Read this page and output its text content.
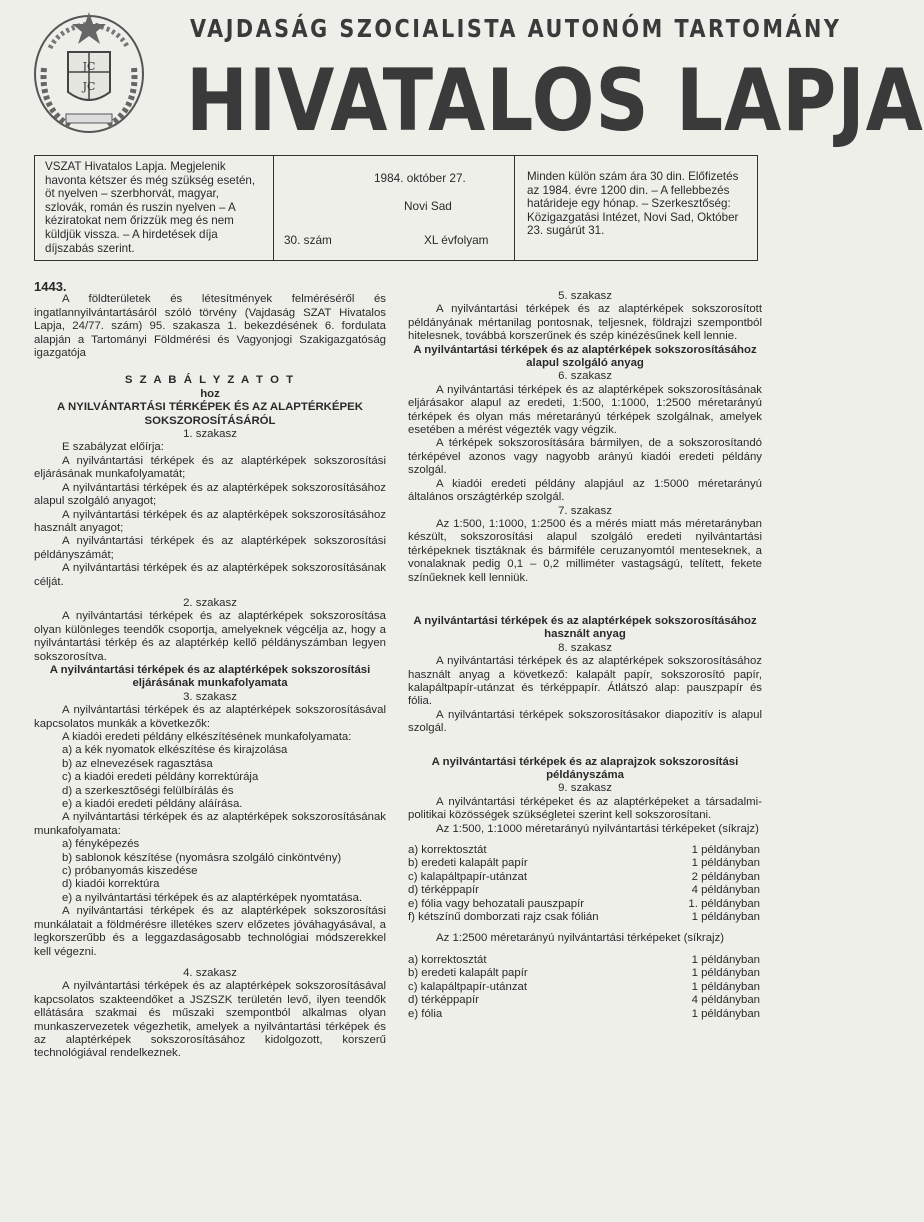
JC
JC
VAJDASÁG SZOCIALISTA AUTONÓM TARTOMÁNY
HIVATALOS LAPJA
VSZAT Hivatalos Lapja. Megjelenik havonta kétszer és még szükség esetén, öt nyelven – szerbhorvát, magyar, szlovák, román és ruszin nyelven – A kéziratokat nem őrizzük meg és nem küldjük vissza. – A hirdetések díja díjszabás szerint.
1984. október 27.
Novi Sad
30. szám	XL évfolyam
Minden külön szám ára 30 din. Előfizetés az 1984. évre 1200 din. – A fellebbezés határideje egy hónap. – Szerkesztőség: Közigazgatási Intézet, Novi Sad, Október 23. sugárút 31.

1443.

A földterületek és létesítmények felméréséről és ingatlannyilvántartásáról szóló törvény (Vajdaság SZAT Hivatalos Lapja, 24/77. szám) 95. szakasza 1. bekezdésének 6. fordulata alapján a Tartományi Földmérési és Vagyonjogi Szakigazgatóság igazgatója

S Z A B Á L Y Z A T O T

hoz

A NYILVÁNTARTÁSI TÉRKÉPEK ÉS AZ ALAPTÉRKÉPEK SOKSZOROSÍTÁSÁRÓL

1. szakasz

E szabályzat előírja:

A nyilvántartási térképek és az alaptérképek sokszorosítási eljárásának munkafolyamatát;

A nyilvántartási térképek és az alaptérképek sokszorosításához alapul szolgáló anyagot;

A nyilvántartási térképek és az alaptérképek sokszorosításához használt anyagot;

A nyilvántartási térképek és az alaptérképek sokszorosítási példányszámát;

A nyilvántartási térképek és az alaptérképek sokszorosításának célját.

2. szakasz

A nyilvántartási térképek és az alaptérképek sokszorosítása olyan különleges teendők csoportja, amelyeknek végcélja az, hogy a nyilvántartási térkép és az alaptérkép kellő példányszámban legyen sokszorosítva.

A nyilvántartási térképek és az alaptérképek sokszorosítási eljárásának munkafolyamata

3. szakasz

A nyilvántartási térképek és az alaptérképek sokszorosításával kapcsolatos munkák a következők:

A kiadói eredeti példány elkészítésének munkafolyamata:

a) a kék nyomatok elkészítése és kirajzolása

b) az elnevezések ragasztása

c) a kiadói eredeti példány korrektúrája

d) a szerkesztőségi felülbírálás és

e) a kiadói eredeti példány aláírása.

A nyilvántartási térképek és az alaptérképek sokszorosításának munkafolyamata:

a) fényképezés

b) sablonok készítése (nyomásra szolgáló cinköntvény)

c) próbanyomás kiszedése

d) kiadói korrektúra

e) a nyilvántartási térképek és az alaptérképek nyomtatása.

A nyilvántartási térképek és az alaptérképek sokszorosítási munkálatait a földmérésre illetékes szerv előzetes jóváhagyásával, a legkorszerűbb és a leggazdaságosabb technológiai módszerekkel kell végezni.

4. szakasz

A nyilvántartási térképek és az alaptérképek sokszorosításával kapcsolatos szakteendőket a JSZSZK területén levő, ilyen teendők ellátására szakmai és műszaki szempontból alkalmas olyan munkaszervezetek végezhetik, amelyek a nyilvántartási térképek és az alaptérképek sokszorosításához kidolgozott, korszerű technológiával rendelkeznek.

5. szakasz

A nyilvántartási térképek és az alaptérképek sokszorosított példányának mértanilag pontosnak, teljesnek, földrajzi szempontból hitelesnek, továbbá korszerűnek és szép kinézésűnek kell lennie.

A nyilvántartási térképek és az alaptérképek sokszorosításához alapul szolgáló anyag

6. szakasz

A nyilvántartási térképek és az alaptérképek sokszorosításának eljárásakor alapul az eredeti, 1:500, 1:1000, 1:2500 méretarányú térképek és olyan más méretarányú térképek szolgálnak, amelyek esetében a mérést végezték vagy végzik.

A térképek sokszorosítására bármilyen, de a sokszorosítandó térképével azonos vagy nagyobb arányú kiadói eredeti példány szolgál.

A kiadói eredeti példány alapjául az 1:5000 méretarányú általános országtérkép szolgál.

7. szakasz

Az 1:500, 1:1000, 1:2500 és a mérés miatt más méretarányban készült, sokszorosítási alapul szolgáló eredeti nyilvántartási térképeknek tisztáknak és bármiféle ceruzanyomtól menteseknek, a vonalaknak pedig 0,1 – 0,2 milliméter vastagságú, telített, fekete színűeknek kell lenniük.

A nyilvántartási térképek és az alaptérképek sokszorosításához használt anyag

8. szakasz

A nyilvántartási térképek és az alaptérképek sokszorosításához használt anyag a következő: kalapált papír, sokszorosító papír, kalapáltpapír-utánzat és térképpapír. Átlátszó alap: pauszpapír és fólia.

A nyilvántartási térképek sokszorosításakor diapozitív is alapul szolgál.

A nyilvántartási térképek és az alaprajzok sokszorosítási példányszáma

9. szakasz

A nyilvántartási térképeket és az alaptérképeket a társadalmi-politikai közösségek szükségletei szerint kell sokszorosítani.

Az 1:500, 1:1000 méretarányú nyilvántartási térképeket (síkrajz)

a) korrektosztát	1 példányban
b) eredeti kalapált papír	1 példányban
c) kalapáltpapír-utánzat	2 példányban
d) térképpapír	4 példányban
e) fólia vagy behozatali pauszpapír	1. példányban
f) kétszínű domborzati rajz csak fólián	1 példányban

Az 1:2500 méretarányú nyilvántartási térképeket (síkrajz)

a) korrektosztát	1 példányban
b) eredeti kalapált papír	1 példányban
c) kalapáltpapír-utánzat	1 példányban
d) térképpapír	4 példányban
e) fólia	1 példányban
